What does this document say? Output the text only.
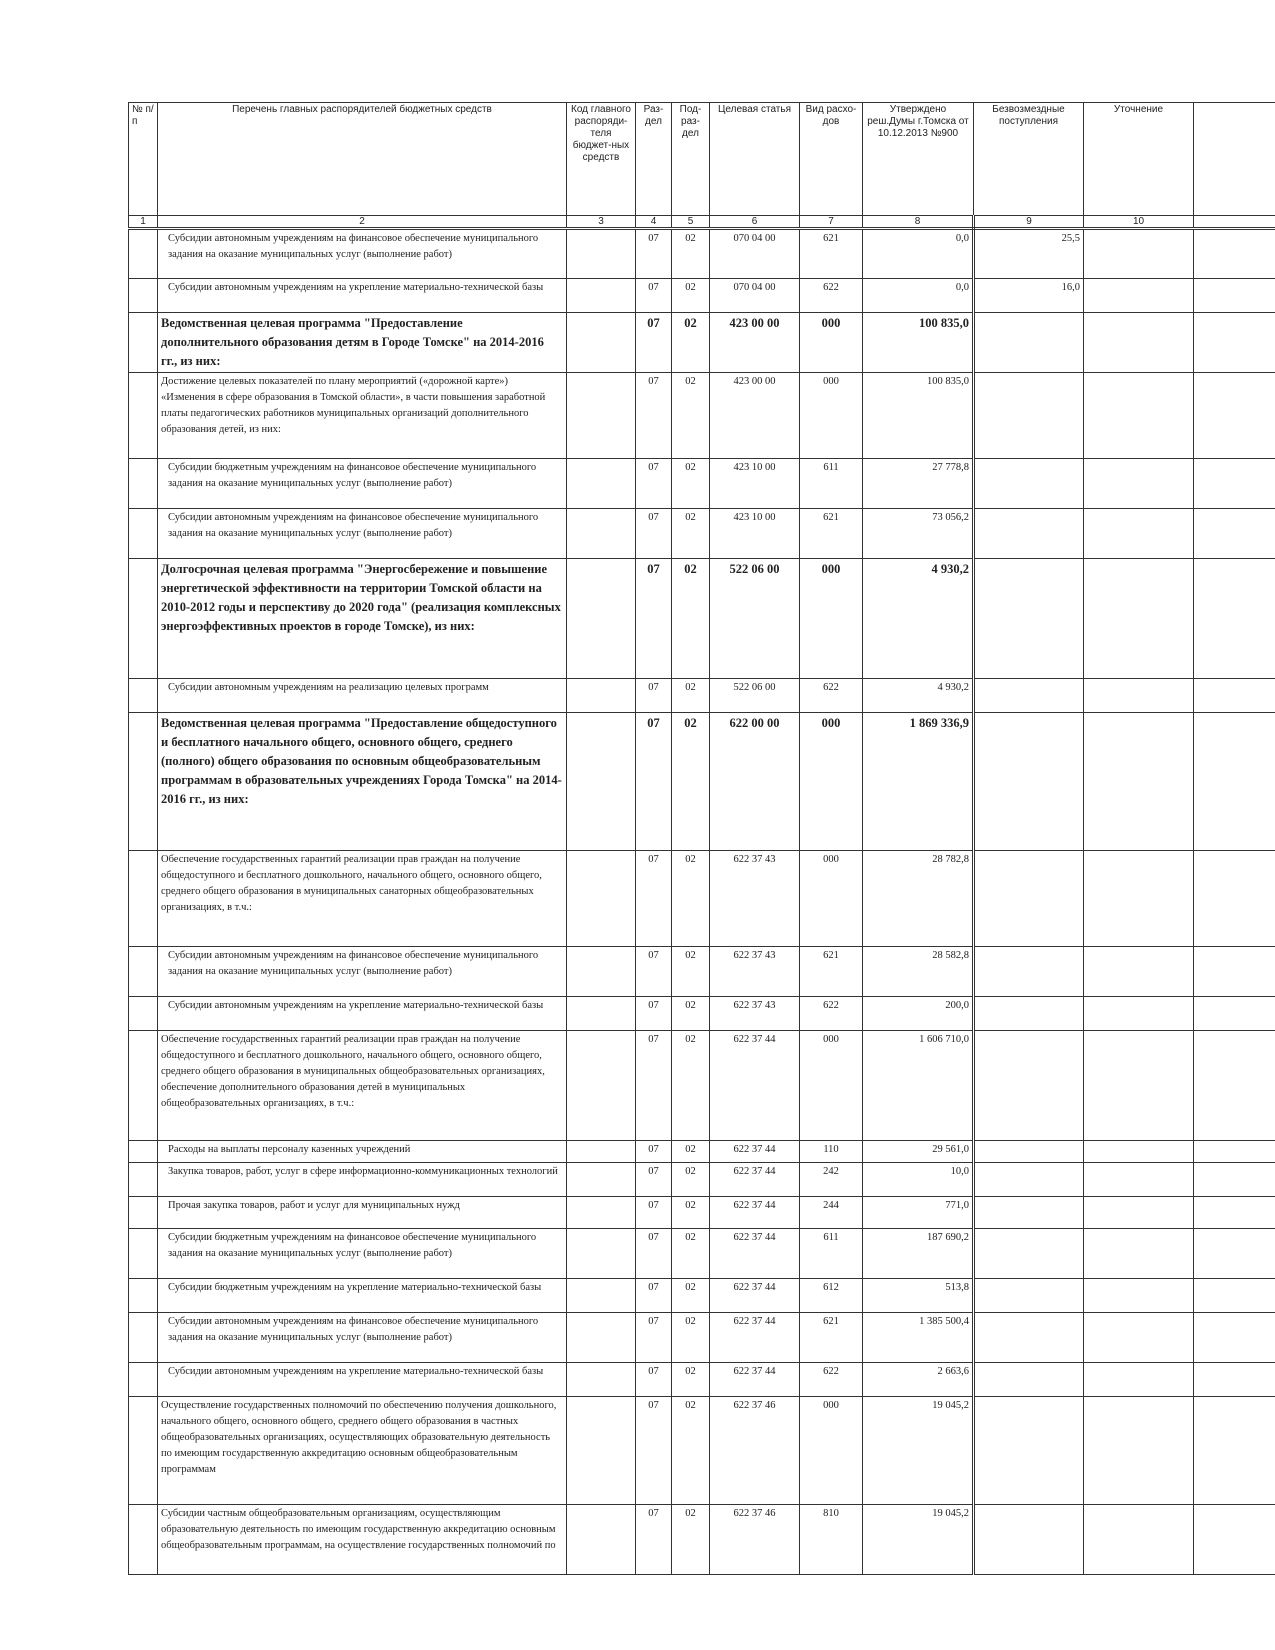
№ п/п	Перечень главных распорядителей бюджетных средств	Код главного распоряди-теля бюджет-ных средств	Раз-дел	Под-раз-дел	Целевая статья	Вид расхо-дов	Утверждено реш.Думы г.Томска от 10.12.2013 №900	Безвозмездные поступления	Уточнение	
1	2	3	4	5	6	7	8	9	10	
	Субсидии автономным учреждениям на финансовое обеспечение муниципального задания на оказание муниципальных услуг (выполнение работ)		07	02	070 04 00	621	0,0	25,5		
	Субсидии автономным учреждениям на укрепление материально-технической базы		07	02	070 04 00	622	0,0	16,0		
	Ведомственная целевая программа "Предоставление дополнительного образования детям в Городе Томске" на 2014-2016 гг., из них:		07	02	423 00 00	000	100 835,0			
	Достижение целевых показателей по плану мероприятий («дорожной карте») «Изменения в сфере образования в Томской области», в части повышения заработной платы педагогических работников муниципальных организаций дополнительного образования детей, из них:		07	02	423 00 00	000	100 835,0			
	Субсидии бюджетным учреждениям на финансовое обеспечение муниципального задания на оказание муниципальных услуг (выполнение работ)		07	02	423 10 00	611	27 778,8			
	Субсидии автономным учреждениям на финансовое обеспечение муниципального задания на оказание муниципальных услуг (выполнение работ)		07	02	423 10 00	621	73 056,2			
	Долгосрочная целевая программа "Энергосбережение и повышение энергетической эффективности на территории Томской области на 2010-2012 годы и перспективу до 2020 года" (реализация комплексных энергоэффективных проектов в городе Томске), из них:		07	02	522 06 00	000	4 930,2			
	Субсидии автономным учреждениям на реализацию целевых программ		07	02	522 06 00	622	4 930,2			
	Ведомственная целевая программа "Предоставление общедоступного и бесплатного начального общего, основного общего, среднего (полного) общего образования по основным общеобразовательным программам в образовательных учреждениях Города Томска" на 2014-2016 гг., из них:		07	02	622 00 00	000	1 869 336,9			
	Обеспечение государственных гарантий реализации прав граждан на получение общедоступного и бесплатного дошкольного, начального общего, основного общего, среднего общего образования в муниципальных санаторных общеобразовательных организациях, в т.ч.:		07	02	622 37 43	000	28 782,8			
	Субсидии автономным учреждениям на финансовое обеспечение муниципального задания на оказание муниципальных услуг (выполнение работ)		07	02	622 37 43	621	28 582,8			
	Субсидии автономным учреждениям на укрепление материально-технической базы		07	02	622 37 43	622	200,0			
	Обеспечение государственных гарантий реализации прав граждан на получение общедоступного и бесплатного дошкольного, начального общего, основного общего, среднего общего образования в муниципальных общеобразовательных организациях, обеспечение дополнительного образования детей в муниципальных общеобразовательных организациях, в т.ч.:		07	02	622 37 44	000	1 606 710,0			
	Расходы на выплаты персоналу казенных учреждений		07	02	622 37 44	110	29 561,0			
	Закупка товаров, работ, услуг в сфере информационно-коммуникационных технологий		07	02	622 37 44	242	10,0			
	Прочая закупка товаров, работ и услуг для муниципальных нужд		07	02	622 37 44	244	771,0			
	Субсидии бюджетным учреждениям на финансовое обеспечение муниципального задания на оказание муниципальных услуг (выполнение работ)		07	02	622 37 44	611	187 690,2			
	Субсидии бюджетным учреждениям на укрепление материально-технической базы		07	02	622 37 44	612	513,8			
	Субсидии автономным учреждениям на финансовое обеспечение муниципального задания на оказание муниципальных услуг (выполнение работ)		07	02	622 37 44	621	1 385 500,4			
	Субсидии автономным учреждениям на укрепление материально-технической базы		07	02	622 37 44	622	2 663,6			
	Осуществление государственных полномочий по обеспечению получения дошкольного, начального общего, основного общего, среднего общего образования в частных общеобразовательных организациях, осуществляющих образовательную деятельность по имеющим государственную аккредитацию основным общеобразовательным программам		07	02	622 37 46	000	19 045,2			
	Субсидии частным общеобразовательным организациям, осуществляющим образовательную деятельность по имеющим государственную аккредитацию основным общеобразовательным программам, на осуществление государственных полномочий по		07	02	622 37 46	810	19 045,2			
